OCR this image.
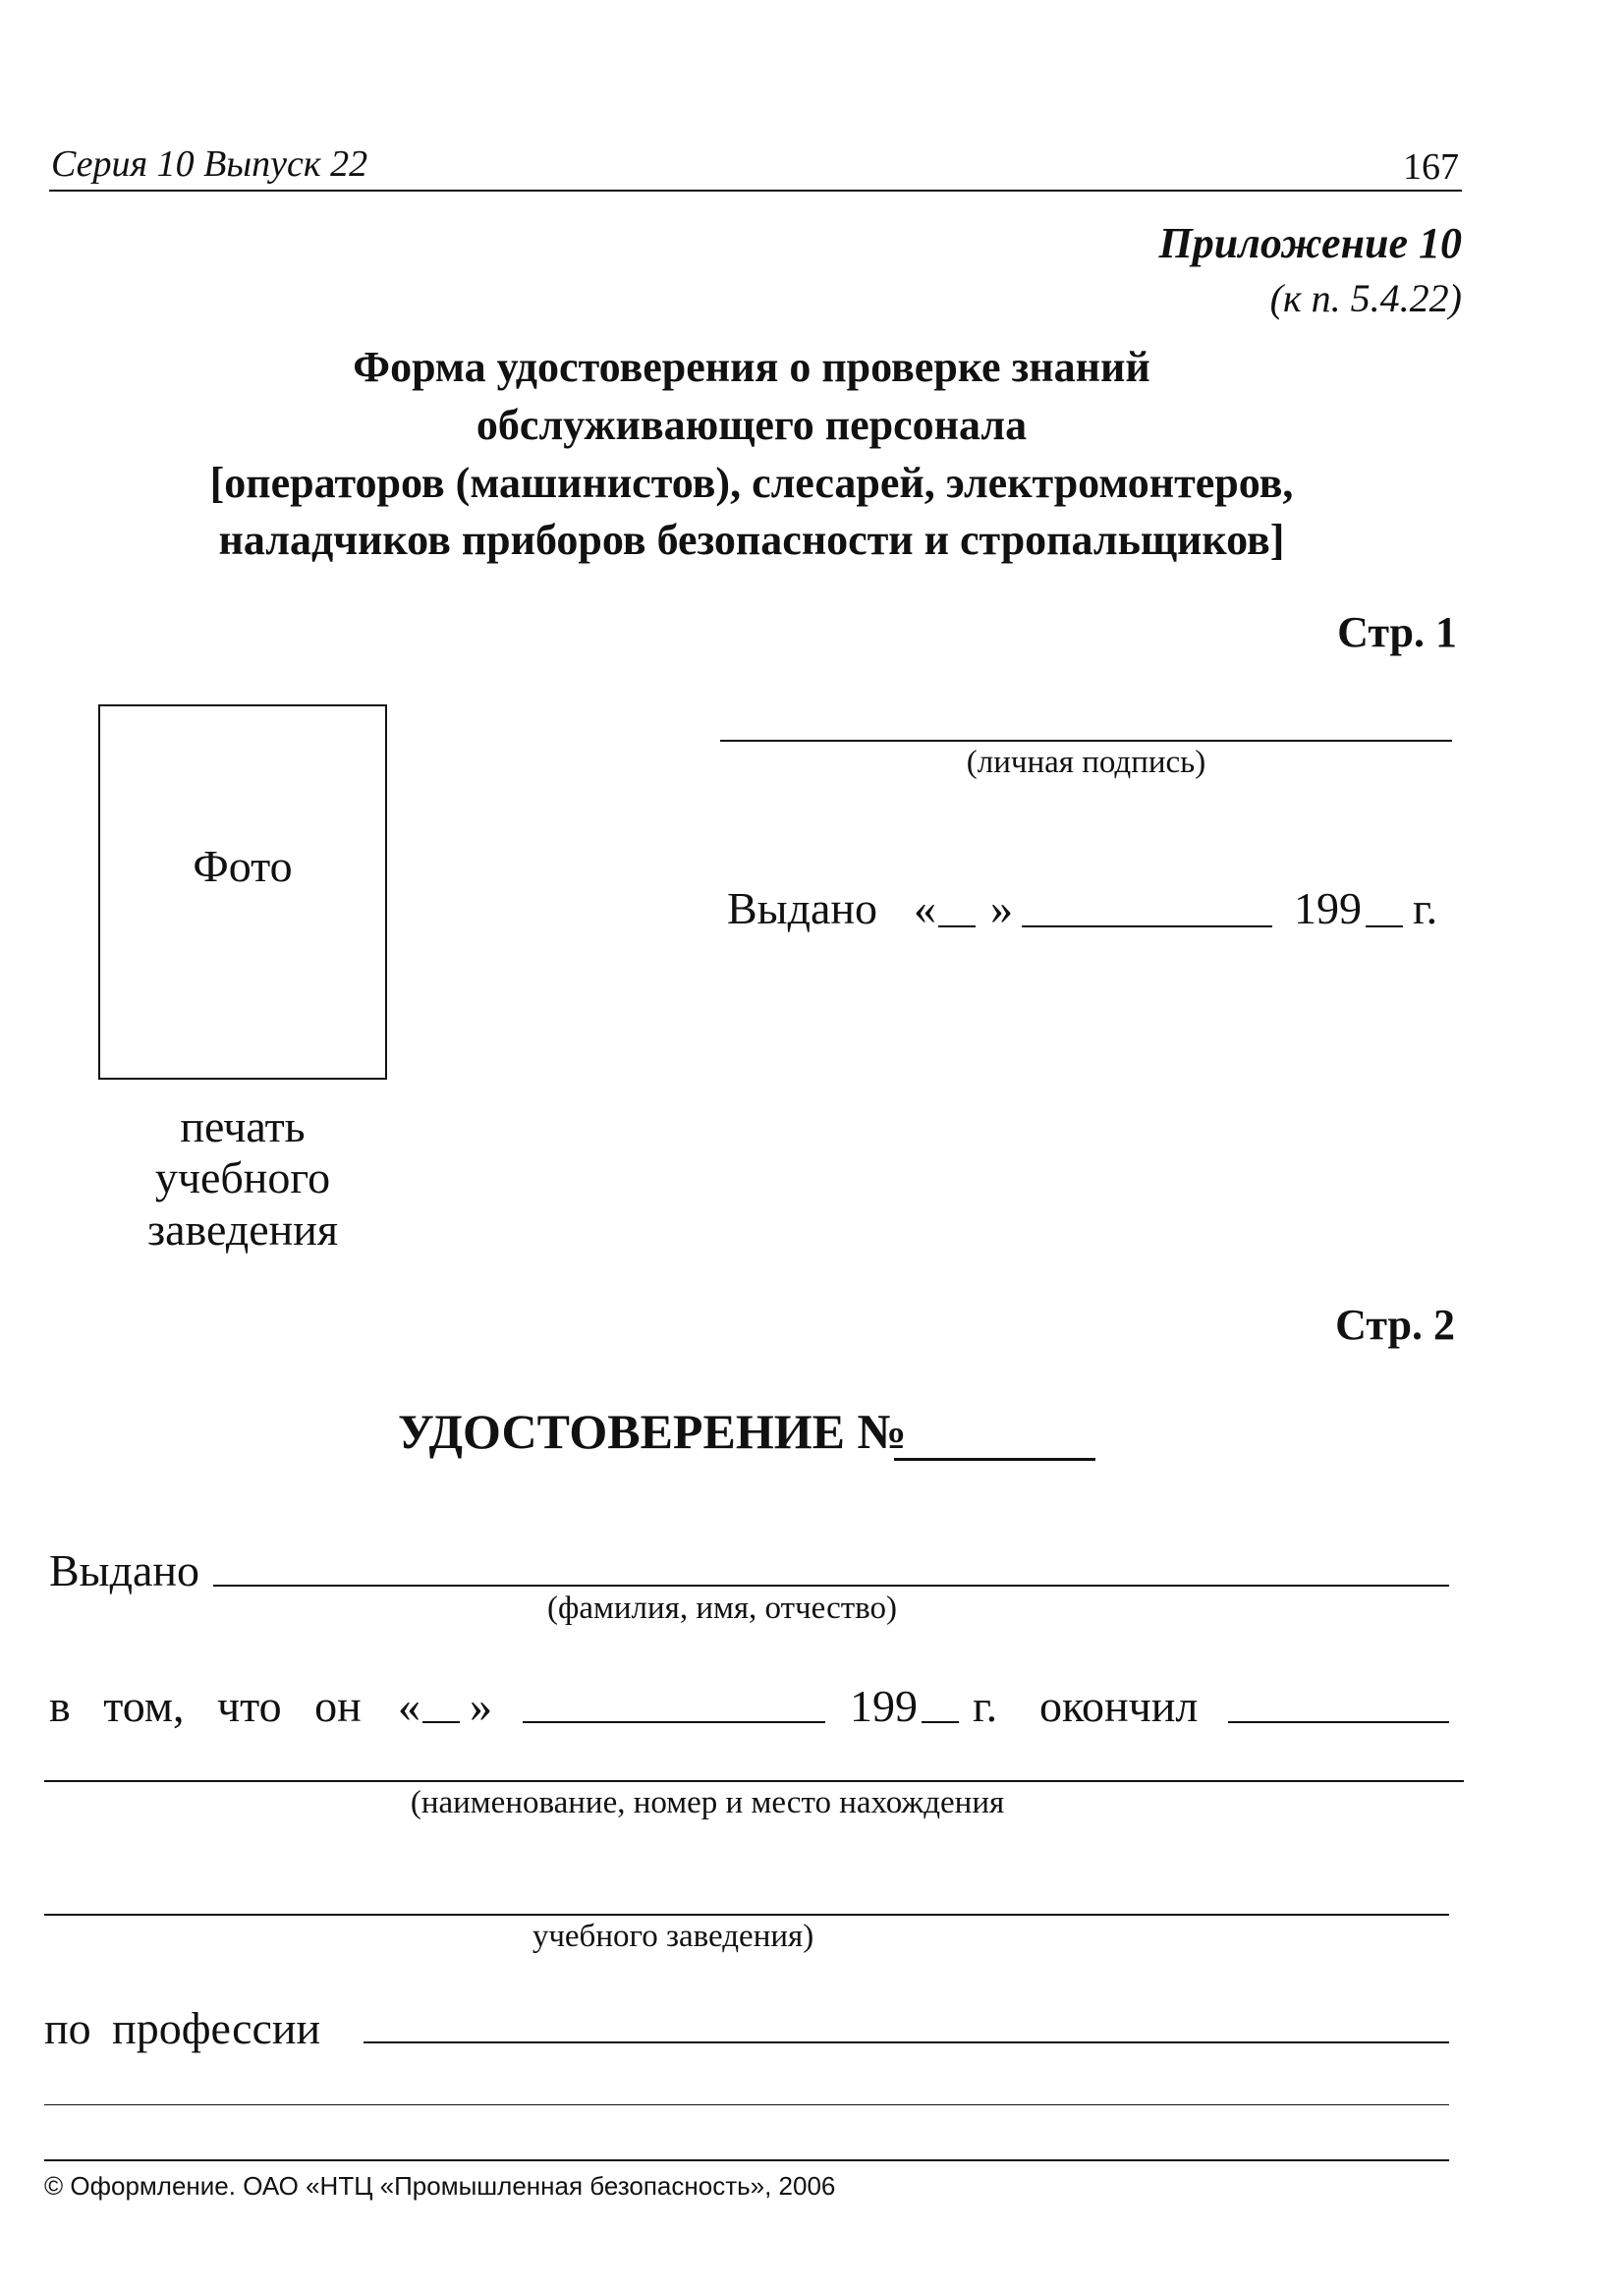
Серия 10 Выпуск 22	167
Приложение 10
(к п. 5.4.22)
Форма удостоверения о проверке знаний
обслуживающего персонала
[операторов (машинистов), слесарей, электромонтеров,
наладчиков приборов безопасности и стропальщиков]
Стр. 1
Фото
(личная подпись)
Выдано « »	199 г.
печать
учебного
заведения
Стр. 2
УДОСТОВЕРЕНИЕ №
Выдано
(фамилия, имя, отчество)
в том, что он « »	199 г. окончил
(наименование, номер и место нахождения
учебного заведения)
по профессии
© Оформление. ОАО «НТЦ «Промышленная безопасность», 2006
